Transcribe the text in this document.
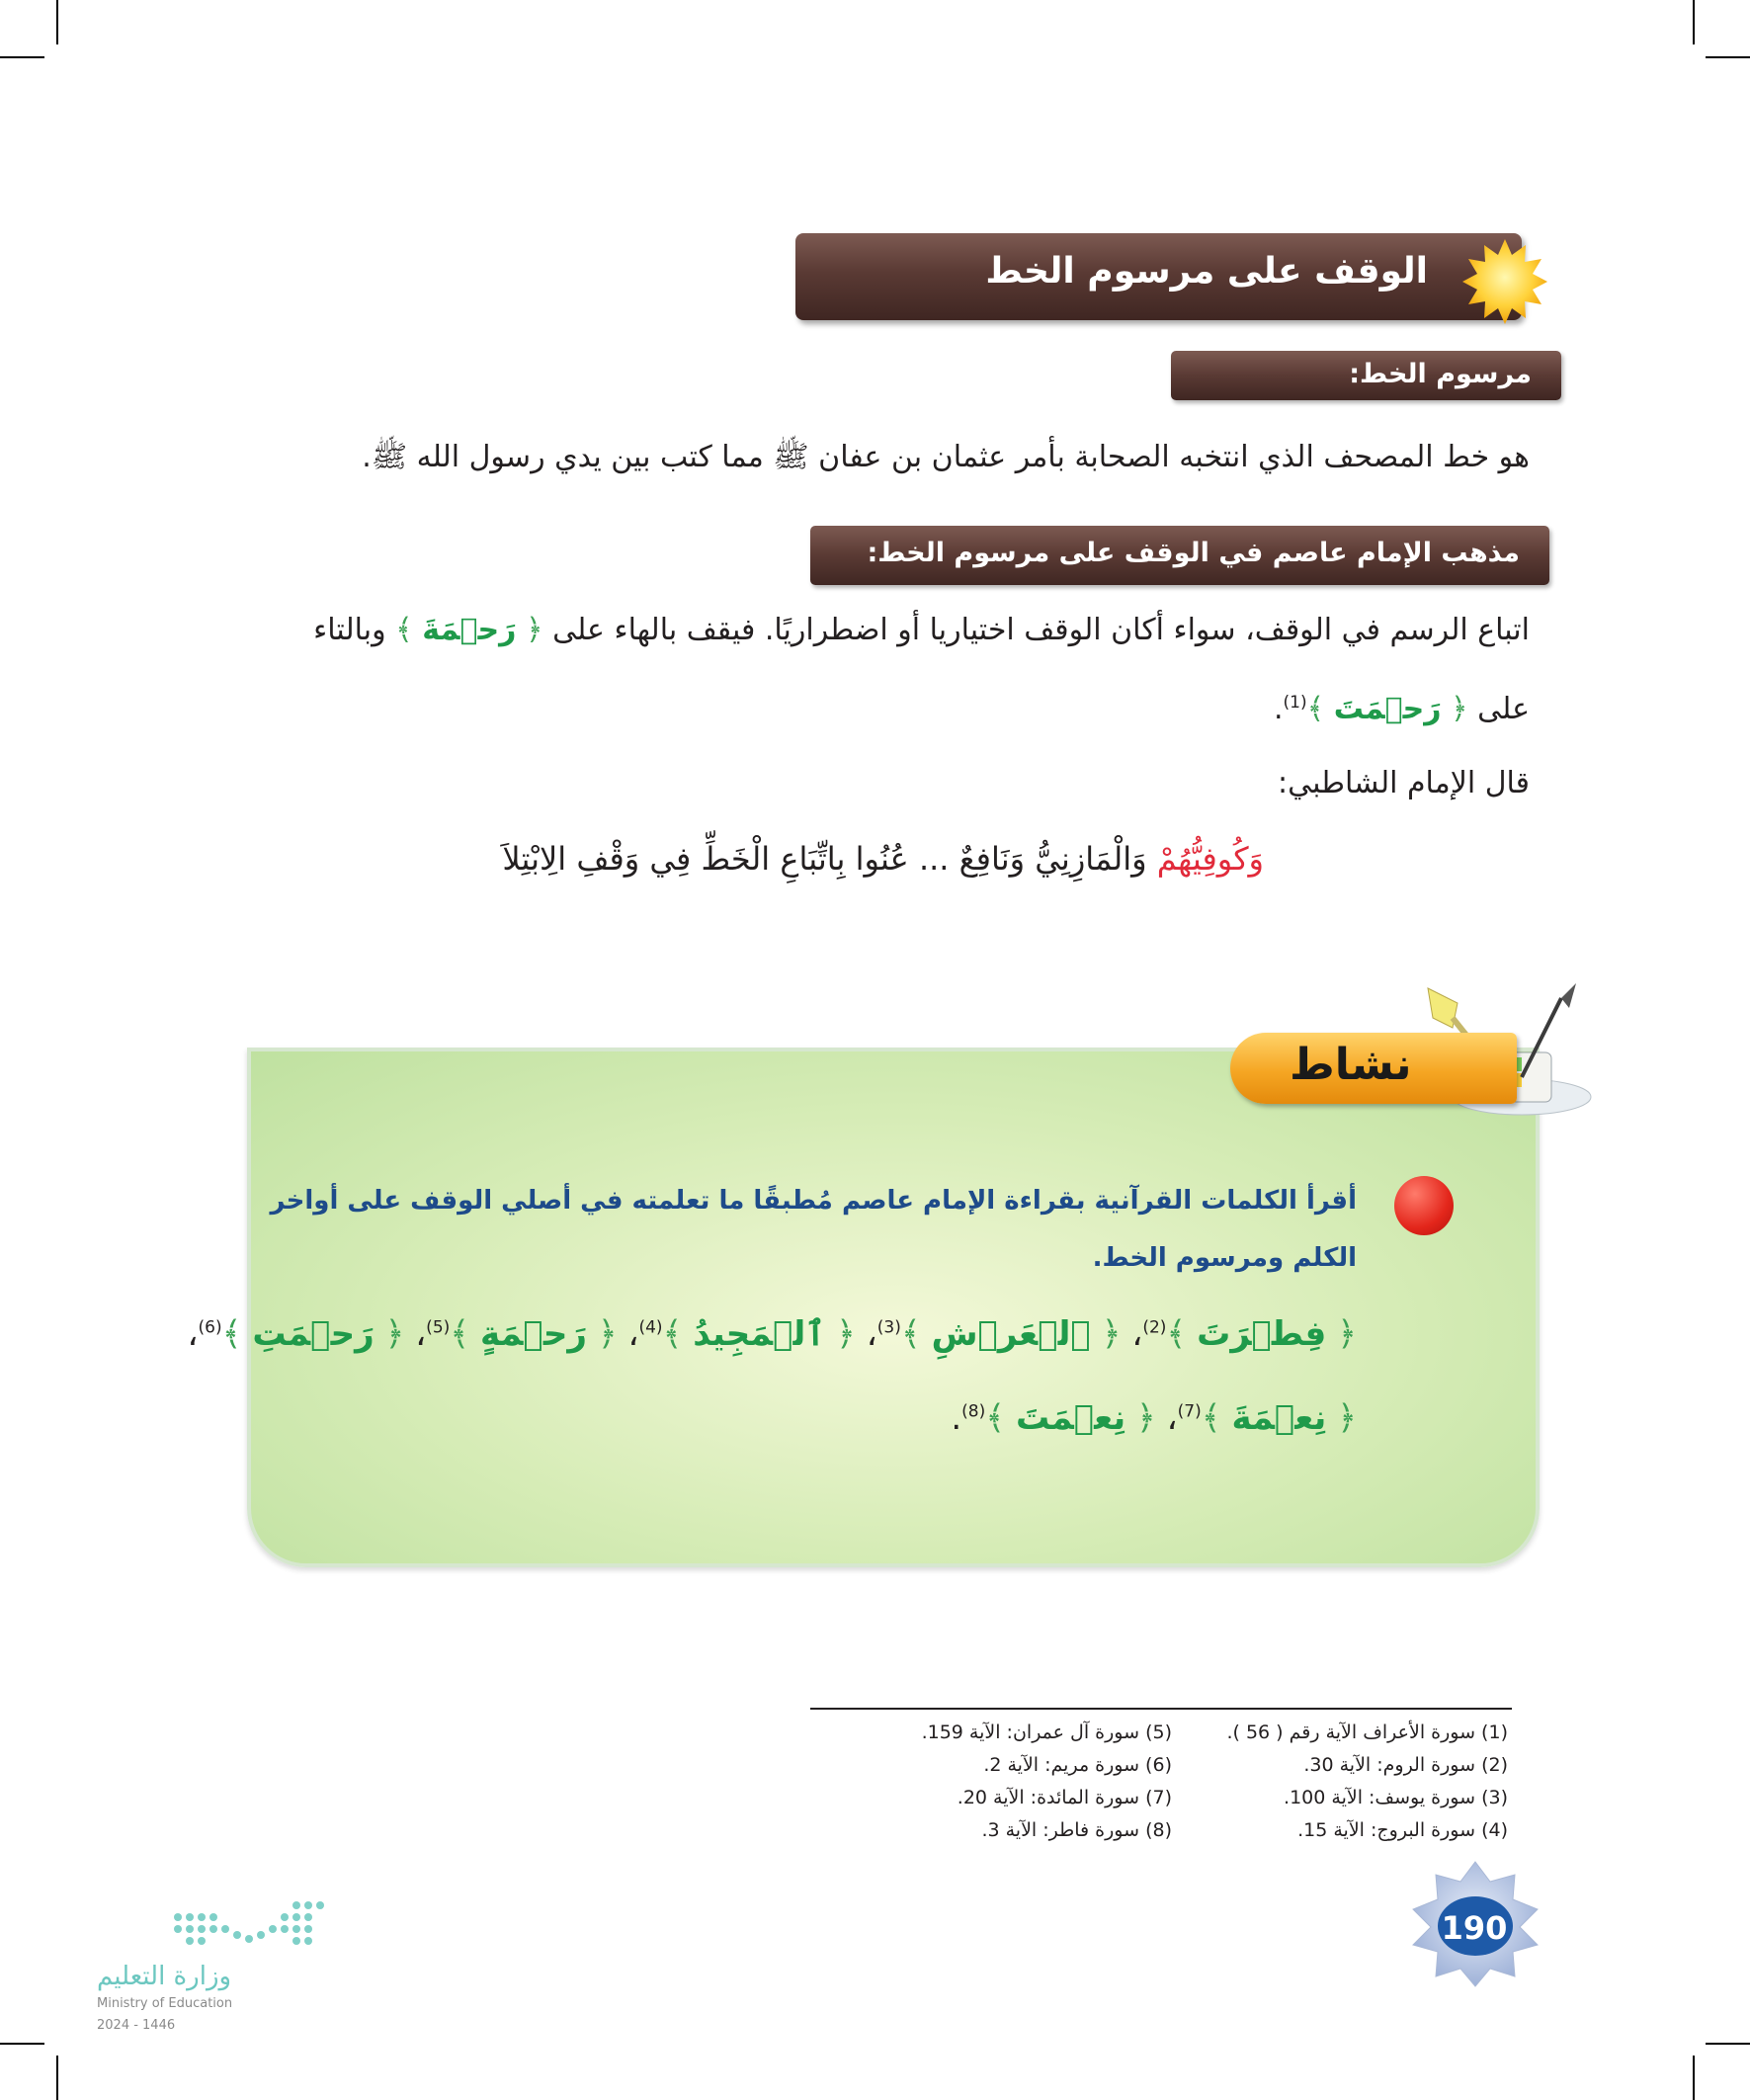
الوقف على مرسوم الخط
مرسوم الخط:
هو خط المصحف الذي انتخبه الصحابة بأمر عثمان بن عفان ﷺ مما كتب بين يدي رسول الله ﷺ.
مذهب الإمام عاصم في الوقف على مرسوم الخط:
اتباع الرسم في الوقف، سواء أكان الوقف اختياريا أو اضطراريًا. فيقف بالهاء على ﴿ رَحۡمَةَ ﴾ وبالتاء
على ﴿ رَحۡمَتَ ﴾$^{(1)}$.
قال الإمام الشاطبي:
وَكُوفِيُّهُمْ وَالْمَازِنِيُّ وَنَافِعٌ ... عُنُوا بِاتِّبَاعِ الْخَطِّ فِي وَقْفِ الِابْتِلاَ
نشاط
أقرأ الكلمات القرآنية بقراءة الإمام عاصم مُطبقًا ما تعلمته في أصلي الوقف على أواخر
الكلم ومرسوم الخط.
﴿ فِطۡرَتَ ﴾$^{(2)}$، ﴿ ٱلۡعَرۡشِ ﴾$^{(3)}$، ﴿ ٱلۡمَجِيدُ ﴾$^{(4)}$، ﴿ رَحۡمَةٍ ﴾$^{(5)}$، ﴿ رَحۡمَتِ ﴾$^{(6)}$،
﴿ نِعۡمَةَ ﴾$^{(7)}$، ﴿ نِعۡمَتَ ﴾$^{(8)}$.
(1) سورة الأعراف الآية رقم ( 56 ).
(2) سورة الروم: الآية 30.
(3) سورة يوسف: الآية 100.
(4) سورة البروج: الآية 15.
(5) سورة آل عمران: الآية 159.
(6) سورة مريم: الآية 2.
(7) سورة المائدة: الآية 20.
(8) سورة فاطر: الآية 3.
190
وزارة التعليم
Ministry of Education
2024 - 1446
